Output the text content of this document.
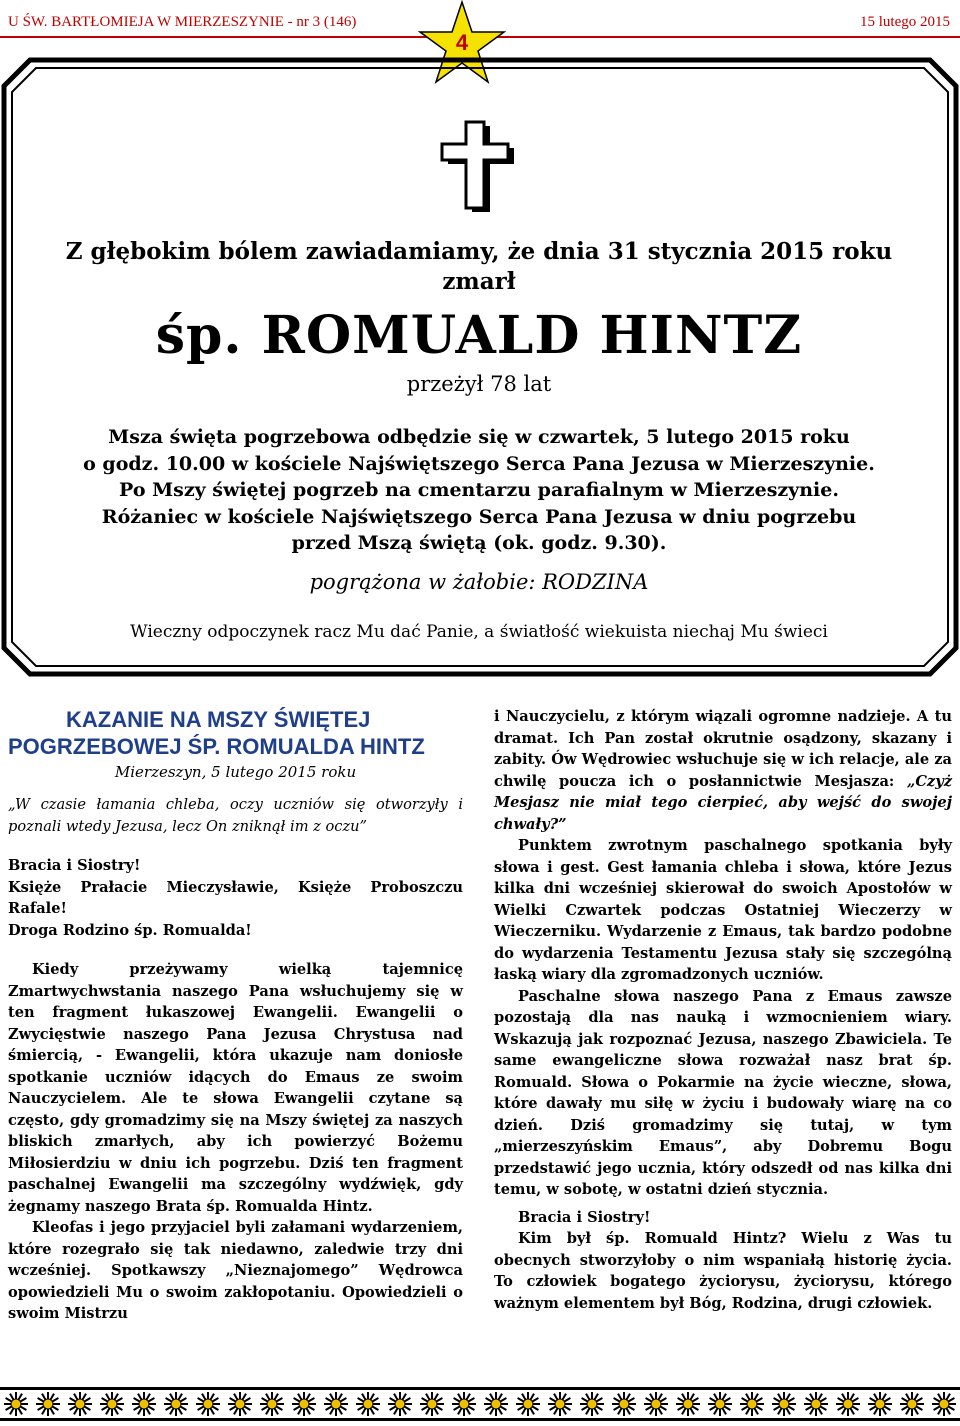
U ŚW. BARTŁOMIEJA W MIERZESZYNIE - nr 3 (146)	15 lutego 2015
4
Z głębokim bólem zawiadamiamy, że dnia 31 stycznia 2015 roku
zmarł
śp. ROMUALD HINTZ
przeżył 78 lat
Msza święta pogrzebowa odbędzie się w czwartek, 5 lutego 2015 roku
o godz. 10.00 w kościele Najświętszego Serca Pana Jezusa w Mierzeszynie.
Po Mszy świętej pogrzeb na cmentarzu parafialnym w Mierzeszynie.
Różaniec w kościele Najświętszego Serca Pana Jezusa w dniu pogrzebu
przed Mszą świętą (ok. godz. 9.30).
pogrążona w żałobie: RODZINA
Wieczny odpoczynek racz Mu dać Panie, a światłość wiekuista niechaj Mu świeci
KAZANIE NA MSZY ŚWIĘTEJ
POGRZEBOWEJ ŚP. ROMUALDA HINTZ
Mierzeszyn, 5 lutego 2015 roku

„W czasie łamania chleba, oczy uczniów się otworzyły i poznali wtedy Jezusa, lecz On zniknął im z oczu”

Bracia i Siostry!

Księże Prałacie Mieczysławie, Księże Proboszczu Rafale!

Droga Rodzino śp. Romualda!

Kiedy przeżywamy wielką tajemnicę Zmartwychwstania naszego Pana wsłuchujemy się w ten fragment łukaszowej Ewangelii. Ewangelii o Zwycięstwie naszego Pana Jezusa Chrystusa nad śmiercią, - Ewangelii, która ukazuje nam doniosłe spotkanie uczniów idących do Emaus ze swoim Nauczycielem. Ale te słowa Ewangelii czytane są często, gdy gromadzimy się na Mszy świętej za naszych bliskich zmarłych, aby ich powierzyć Bożemu Miłosierdziu w dniu ich pogrzebu. Dziś ten fragment paschalnej Ewangelii ma szczególny wydźwięk, gdy żegnamy naszego Brata śp. Romualda Hintz.

Kleofas i jego przyjaciel byli załamani wydarzeniem, które rozegrało się tak niedawno, zaledwie trzy dni wcześniej. Spotkawszy „Nieznajomego” Wędrowca opowiedzieli Mu o swoim zakłopotaniu. Opowiedzieli o swoim Mistrzu

i Nauczycielu, z którym wiązali ogromne nadzieje. A tu dramat. Ich Pan został okrutnie osądzony, skazany i zabity. Ów Wędrowiec wsłuchuje się w ich relacje, ale za chwilę poucza ich o posłannictwie Mesjasza: „Czyż Mesjasz nie miał tego cierpieć, aby wejść do swojej chwały?”

Punktem zwrotnym paschalnego spotkania były słowa i gest. Gest łamania chleba i słowa, które Jezus kilka dni wcześniej skierował do swoich Apostołów w Wielki Czwartek podczas Ostatniej Wieczerzy w Wieczerniku. Wydarzenie z Emaus, tak bardzo podobne do wydarzenia Testamentu Jezusa stały się szczególną łaską wiary dla zgromadzonych uczniów.

Paschalne słowa naszego Pana z Emaus zawsze pozostają dla nas nauką i wzmocnieniem wiary. Wskazują jak rozpoznać Jezusa, naszego Zbawiciela. Te same ewangeliczne słowa rozważał nasz brat śp. Romuald. Słowa o Pokarmie na życie wieczne, słowa, które dawały mu siłę w życiu i budowały wiarę na co dzień. Dziś gromadzimy się tutaj, w tym „mierzeszyńskim Emaus”, aby Dobremu Bogu przedstawić jego ucznia, który odszedł od nas kilka dni temu, w sobotę, w ostatni dzień stycznia.

Bracia i Siostry!

Kim był śp. Romuald Hintz? Wielu z Was tu obecnych stworzyłoby o nim wspaniałą historię życia. To człowiek bogatego życiorysu, życiorysu, którego ważnym elementem był Bóg, Rodzina, drugi człowiek.
